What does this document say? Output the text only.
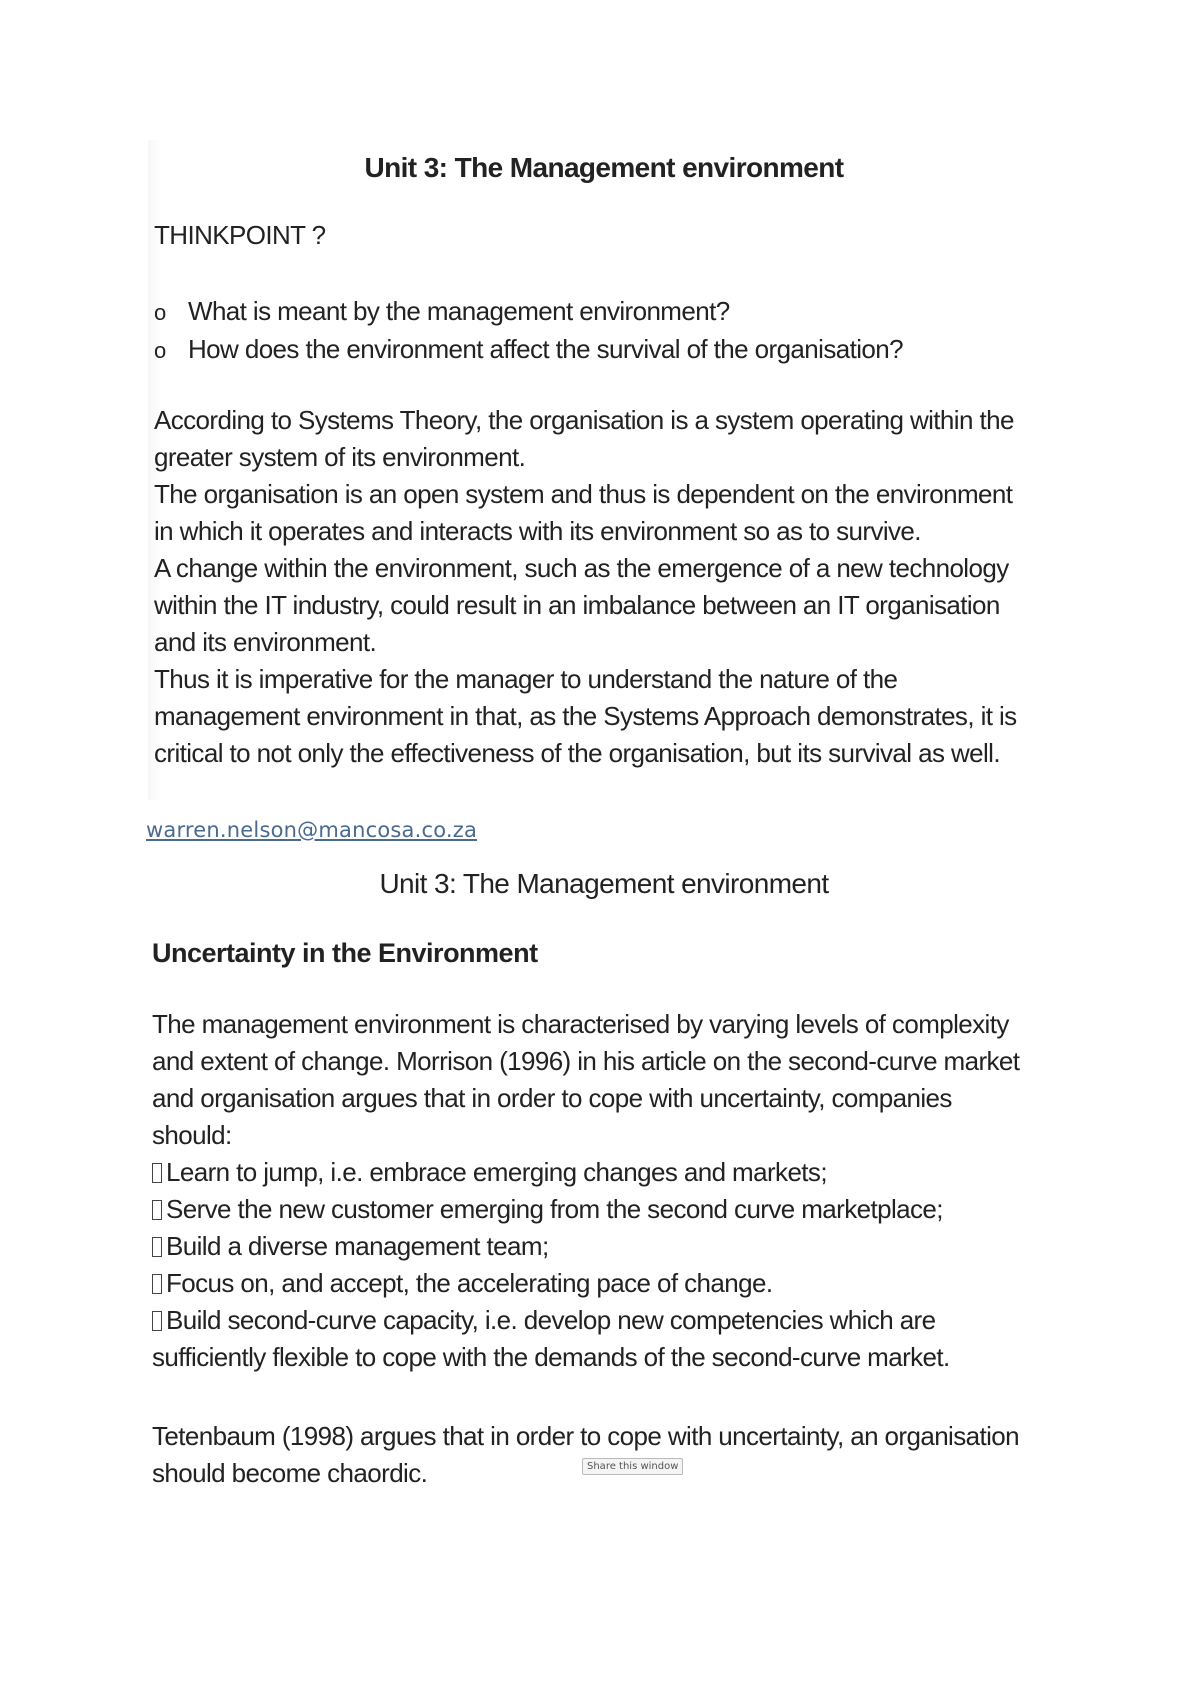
Unit 3: The Management environment
THINKPOINT ?
o What is meant by the management environment?
o How does the environment affect the survival of the organisation?

According to Systems Theory, the organisation is a system operating within the
greater system of its environment.
The organisation is an open system and thus is dependent on the environment
in which it operates and interacts with its environment so as to survive.
A change within the environment, such as the emergence of a new technology
within the IT industry, could result in an imbalance between an IT organisation
and its environment.
Thus it is imperative for the manager to understand the nature of the
management environment in that, as the Systems Approach demonstrates, it is
critical to not only the effectiveness of the organisation, but its survival as well.

warren.nelson@mancosa.co.za
Unit 3: The Management environment
Uncertainty in the Environment

The management environment is characterised by varying levels of complexity
and extent of change. Morrison (1996) in his article on the second-curve market
and organisation argues that in order to cope with uncertainty, companies
should:

Learn to jump, i.e. embrace emerging changes and markets;
Serve the new customer emerging from the second curve marketplace;
Build a diverse management team;
Focus on, and accept, the accelerating pace of change.
Build second-curve capacity, i.e. develop new competencies which are
sufficiently flexible to cope with the demands of the second-curve market.

Tetenbaum (1998) argues that in order to cope with uncertainty, an organisation
should become chaordic.	Share this window
